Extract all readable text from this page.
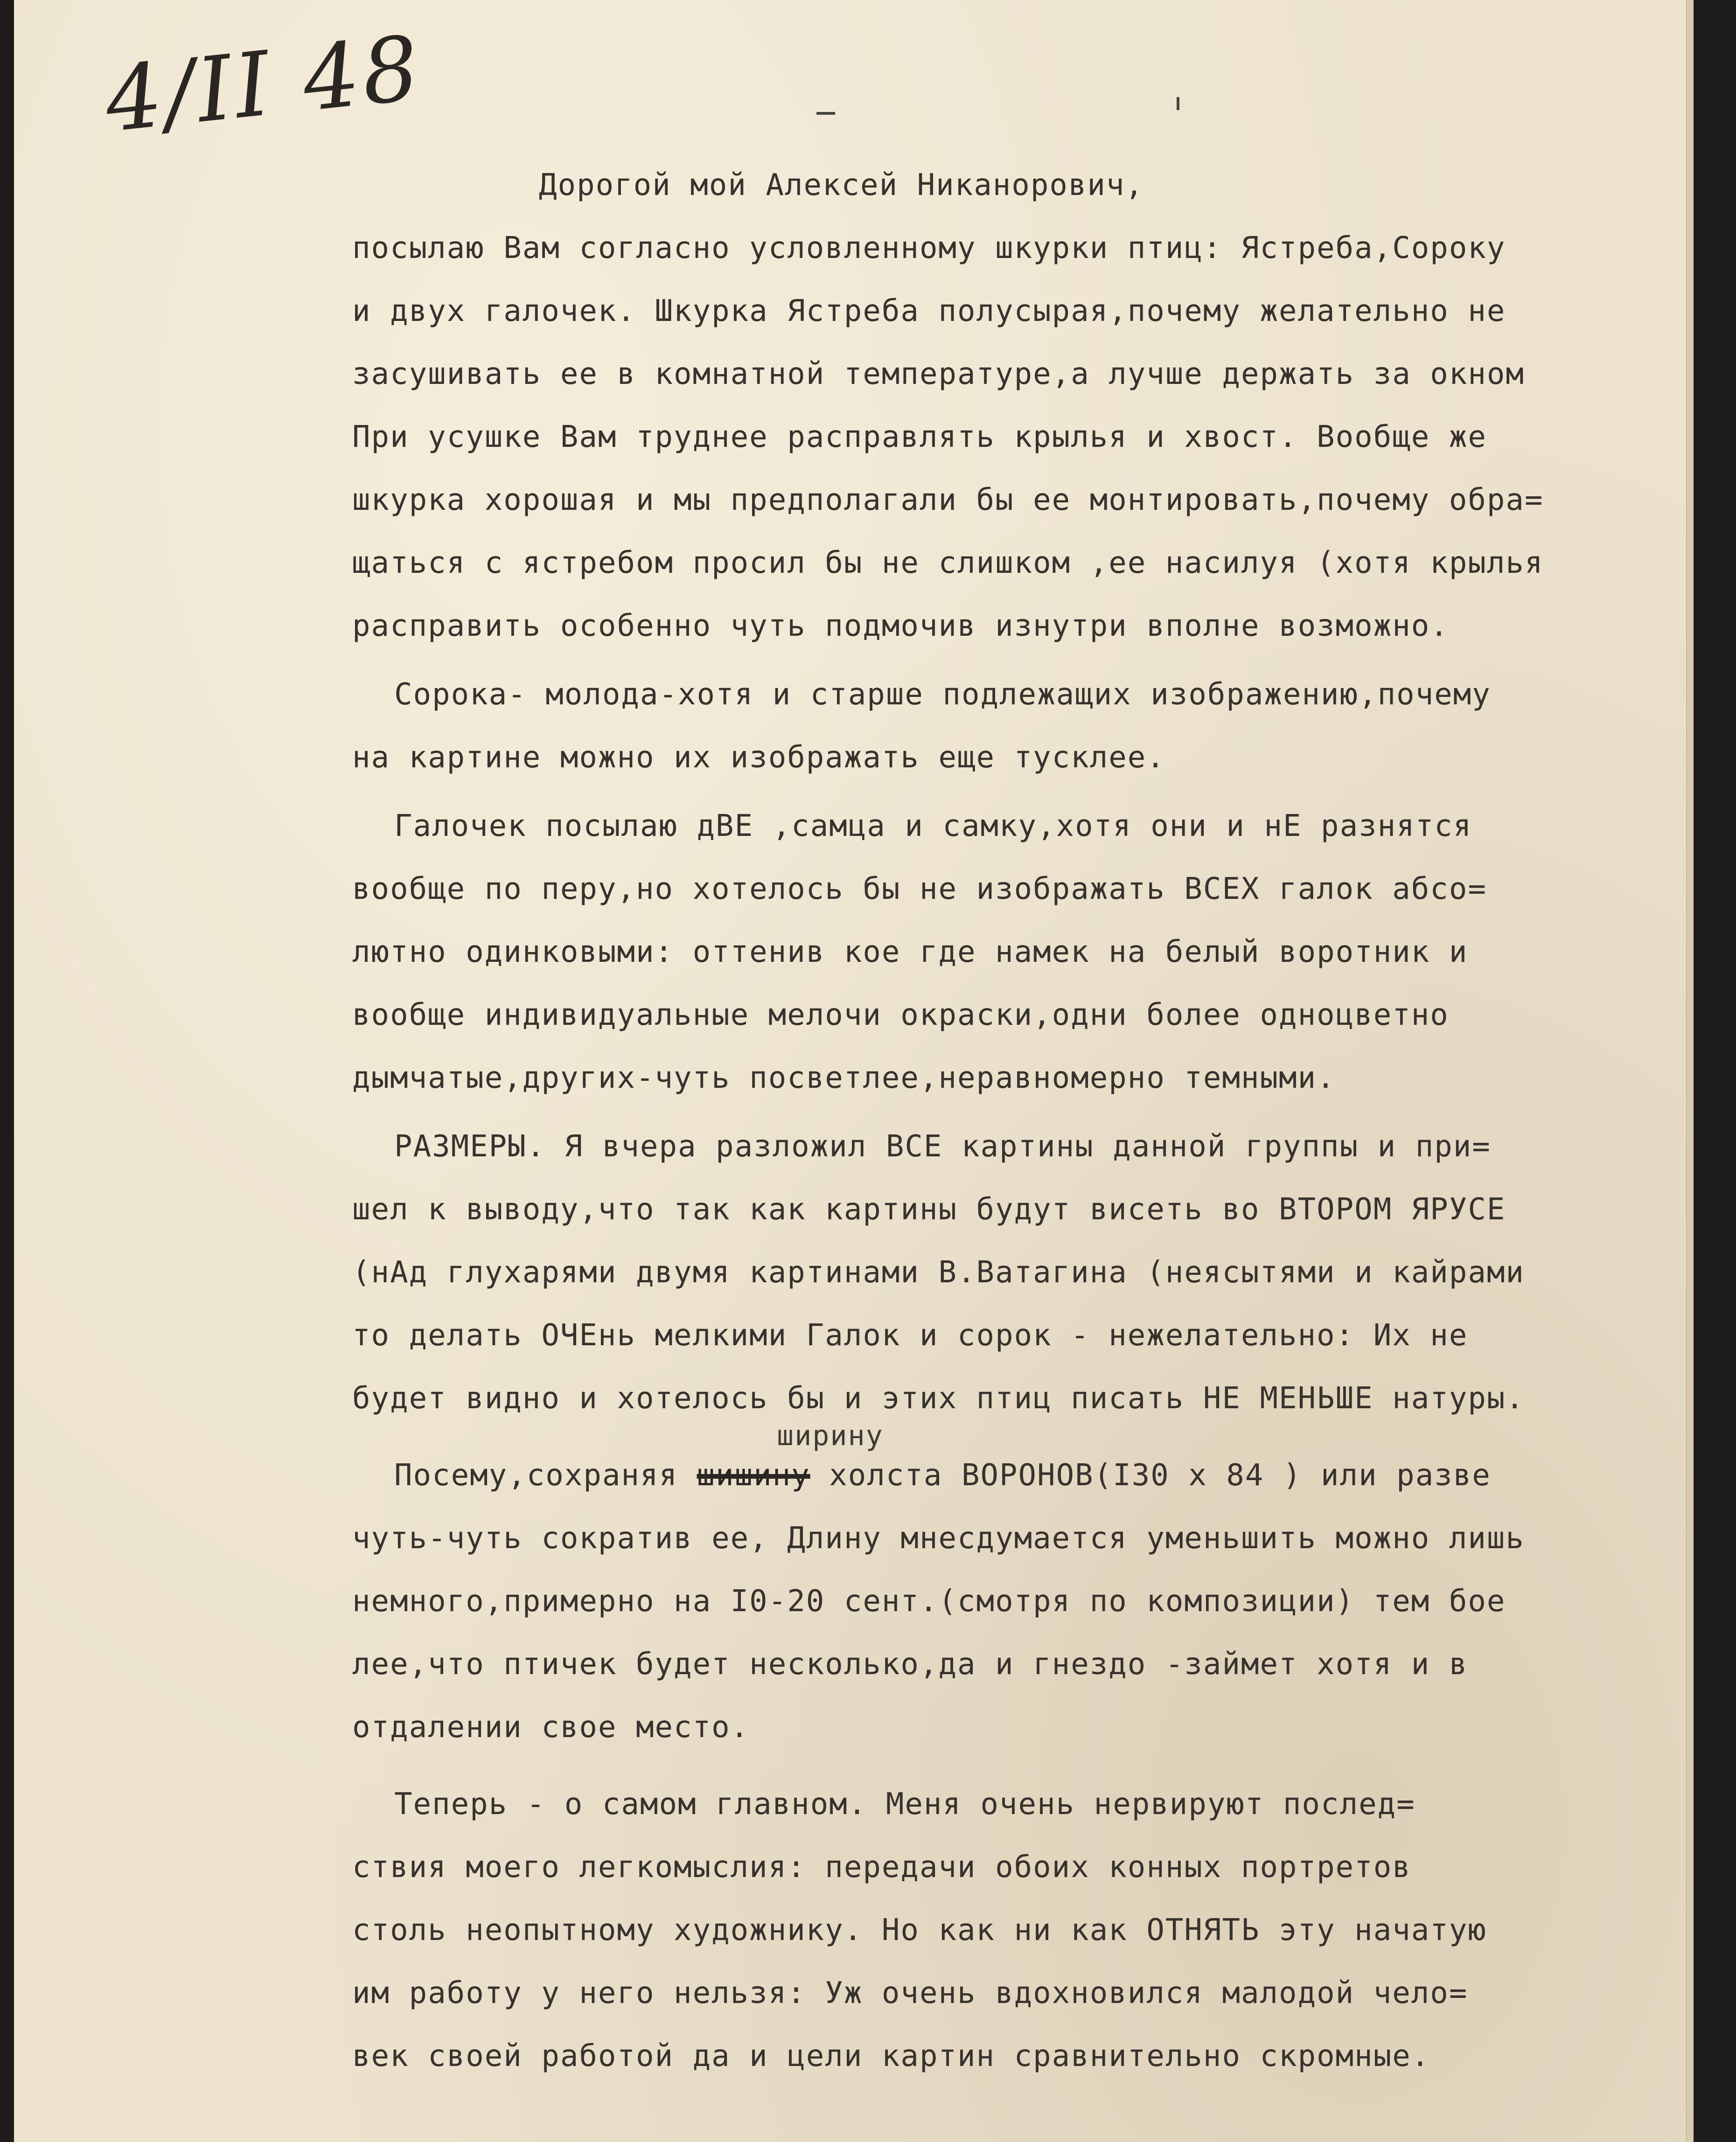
4/II 48
Дорогой мой Алексей Никанорович,
посылаю Вам согласно условленному шкурки птиц: Ястреба,Сороку
и двух галочек. Шкурка Ястреба полусырая,почему желательно не
засушивать ее в комнатной температуре,а лучше держать за окном
При усушке Вам труднее расправлять крылья и хвост. Вообще же
шкурка хорошая и мы предполагали бы ее монтировать,почему обра=
щаться с ястребом просил бы не слишком ,ее насилуя (хотя крылья
расправить особенно чуть подмочив изнутри вполне возможно.
Сорока- молода-хотя и старше подлежащих изображению,почему
на картине можно их изображать еще тусклее.
Галочек посылаю дВЕ ,самца и самку,хотя они и нЕ разнятся
вообще по перу,но хотелось бы не изображать ВСЕХ галок абсо=
лютно одинковыми: оттенив кое где намек на белый воротник и
вообще индивидуальные мелочи окраски,одни более одноцветно
дымчатые,других-чуть посветлее,неравномерно темными.
РАЗМЕРЫ. Я вчера разложил ВСЕ картины данной группы и при=
шел к выводу,что так как картины будут висеть во ВТОРОМ ЯРУСЕ
(нАд глухарями двумя картинами В.Ватагина (неясытями и кайрами
то делать ОЧЕнь мелкими Галок и сорок - нежелательно: Их не
будет видно и хотелось бы и этих птиц писать НЕ МЕНЬШЕ натуры.
ширину
Посему,сохраняя шишину холста ВОРОНОВ(I30 х 84 ) или разве
чуть-чуть сократив ее, Длину мнесдумается уменьшить можно лишь
немного,примерно на I0-20 сент.(смотря по композиции) тем бое
лее,что птичек будет несколько,да и гнездо -займет хотя и в
отдалении свое место.
Теперь - о самом главном. Меня очень нервируют послед=
ствия моего легкомыслия: передачи обоих конных портретов
столь неопытному художнику. Но как ни как ОТНЯТЬ эту начатую
им работу у него нельзя: Уж очень вдохновился малодой чело=
век своей работой да и цели картин сравнительно скромные.
